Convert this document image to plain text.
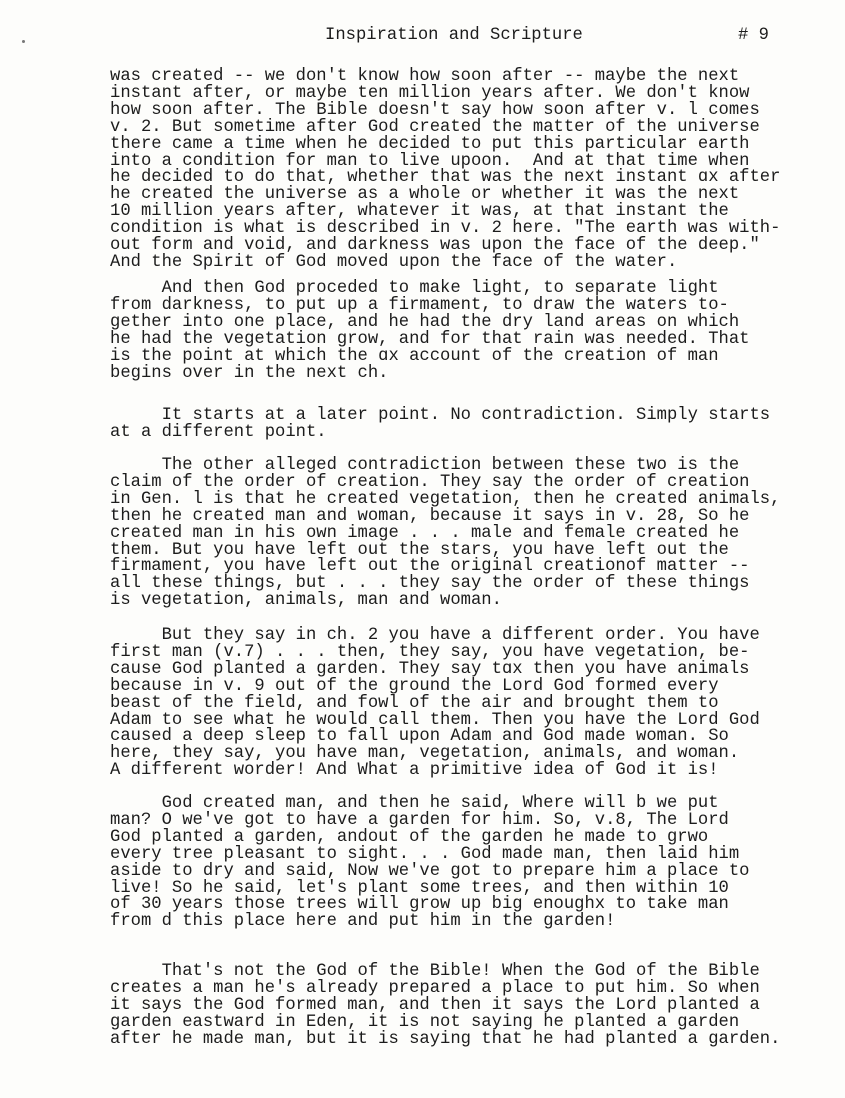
Inspiration and Scripture	# 9

was created -- we don't know how soon after -- maybe the next
instant after, or maybe ten million years after. We don't know
how soon after. The Bible doesn't say how soon after v. l comes
v. 2. But sometime after God created the matter of the universe
there came a time when he decided to put this particular earth
into a condition for man to live upoon.  And at that time when
he decided to do that, whether that was the next instant ɑx after
he created the universe as a whole or whether it was the next
10 million years after, whatever it was, at that instant the
condition is what is described in v. 2 here. "The earth was with-
out form and void, and darkness was upon the face of the deep."
And the Spirit of God moved upon the face of the water.

And then God proceded to make light, to separate light
from darkness, to put up a firmament, to draw the waters to-
gether into one place, and he had the dry land areas on which
he had the vegetation grow, and for that rain was needed. That
is the point at which the ɑx account of the creation of man
begins over in the next ch.

It starts at a later point. No contradiction. Simply starts
at a different point.

The other alleged contradiction between these two is the
claim of the order of creation. They say the order of creation
in Gen. l is that he created vegetation, then he created animals,
then he created man and woman, because it says in v. 28, So he
created man in his own image . . . male and female created he
them. But you have left out the stars, you have left out the
firmament, you have left out the original creationof matter --
all these things, but . . . they say the order of these things
is vegetation, animals, man and woman.

But they say in ch. 2 you have a different order. You have
first man (v.7) . . . then, they say, you have vegetation, be-
cause God planted a garden. They say tɑx then you have animals
because in v. 9 out of the ground the Lord God formed every
beast of the field, and fowl of the air and brought them to
Adam to see what he would call them. Then you have the Lord God
caused a deep sleep to fall upon Adam and God made woman. So
here, they say, you have man, vegetation, animals, and woman.
A different worder! And What a primitive idea of God it is!

God created man, and then he said, Where will b we put
man? O we've got to have a garden for him. So, v.8, The Lord
God planted a garden, andout of the garden he made to grwo
every tree pleasant to sight. . . God made man, then laid him
aside to dry and said, Now we've got to prepare him a place to
live! So he said, let's plant some trees, and then within 10
of 30 years those trees will grow up big enoughx to take man
from d this place here and put him in the garden!

That's not the God of the Bible! When the God of the Bible
creates a man he's already prepared a place to put him. So when
it says the God formed man, and then it says the Lord planted a
garden eastward in Eden, it is not saying he planted a garden
after he made man, but it is saying that he had planted a garden.
